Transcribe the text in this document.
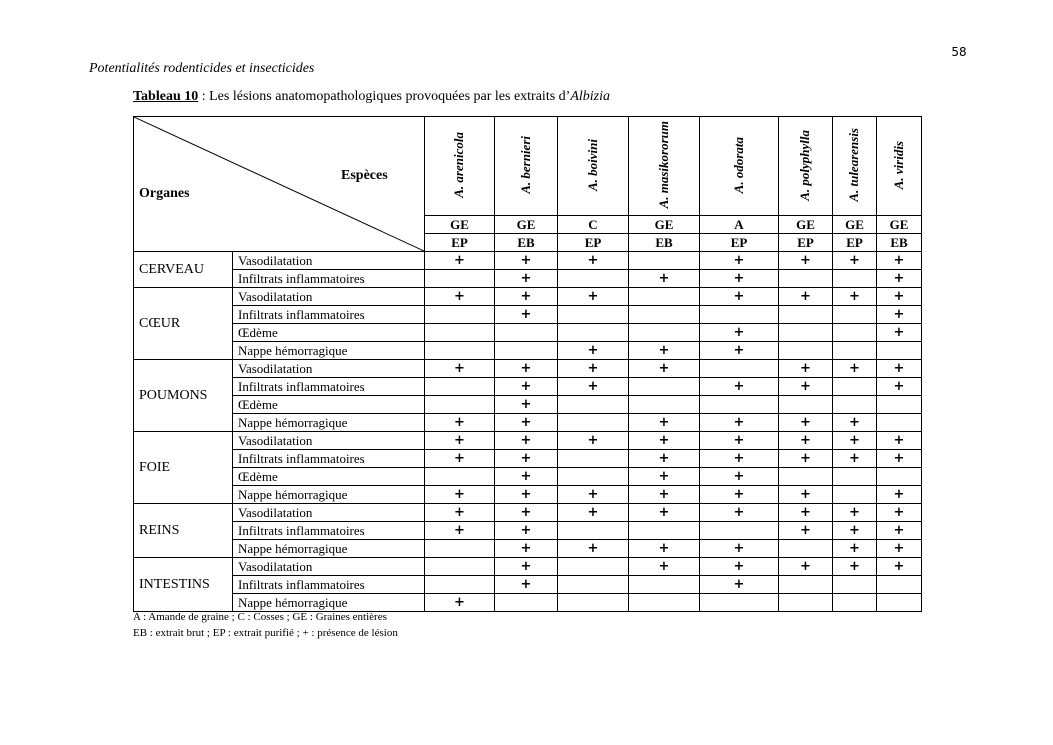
58
Potentialités rodenticides et insecticides
Tableau 10 : Les lésions anatomopathologiques provoquées par les extraits d’Albizia
Espèces
Organes		A. arenicola	A. bernieri	A. boivini	A. masikororum	A. odorata	A. polyphylla	A. tulearensis	A. viridis
		GE	GE	C	GE	A	GE	GE	GE
		EP	EB	EP	EB	EP	EP	EP	EB
CERVEAU	Vasodilatation	+	+	+		+	+	+	+
	Infiltrats inflammatoires		+		+	+			+
CŒUR	Vasodilatation	+	+	+		+	+	+	+
	Infiltrats inflammatoires		+						+
	Œdème					+			+
	Nappe hémorragique			+	+	+			
POUMONS	Vasodilatation	+	+	+	+		+	+	+
	Infiltrats inflammatoires		+	+		+	+		+
	Œdème		+						
	Nappe hémorragique	+	+		+	+	+	+	
FOIE	Vasodilatation	+	+	+	+	+	+	+	+
	Infiltrats inflammatoires	+	+		+	+	+	+	+
	Œdème		+		+	+			
	Nappe hémorragique	+	+	+	+	+	+		+
REINS	Vasodilatation	+	+	+	+	+	+	+	+
	Infiltrats inflammatoires	+	+				+	+	+
	Nappe hémorragique		+	+	+	+		+	+
INTESTINS	Vasodilatation		+		+	+	+	+	+
	Infiltrats inflammatoires		+			+			
	Nappe hémorragique	+							
A : Amande de graine ; C : Cosses ; GE : Graines entières
EB : extrait brut ; EP : extrait purifié ; + : présence de lésion
